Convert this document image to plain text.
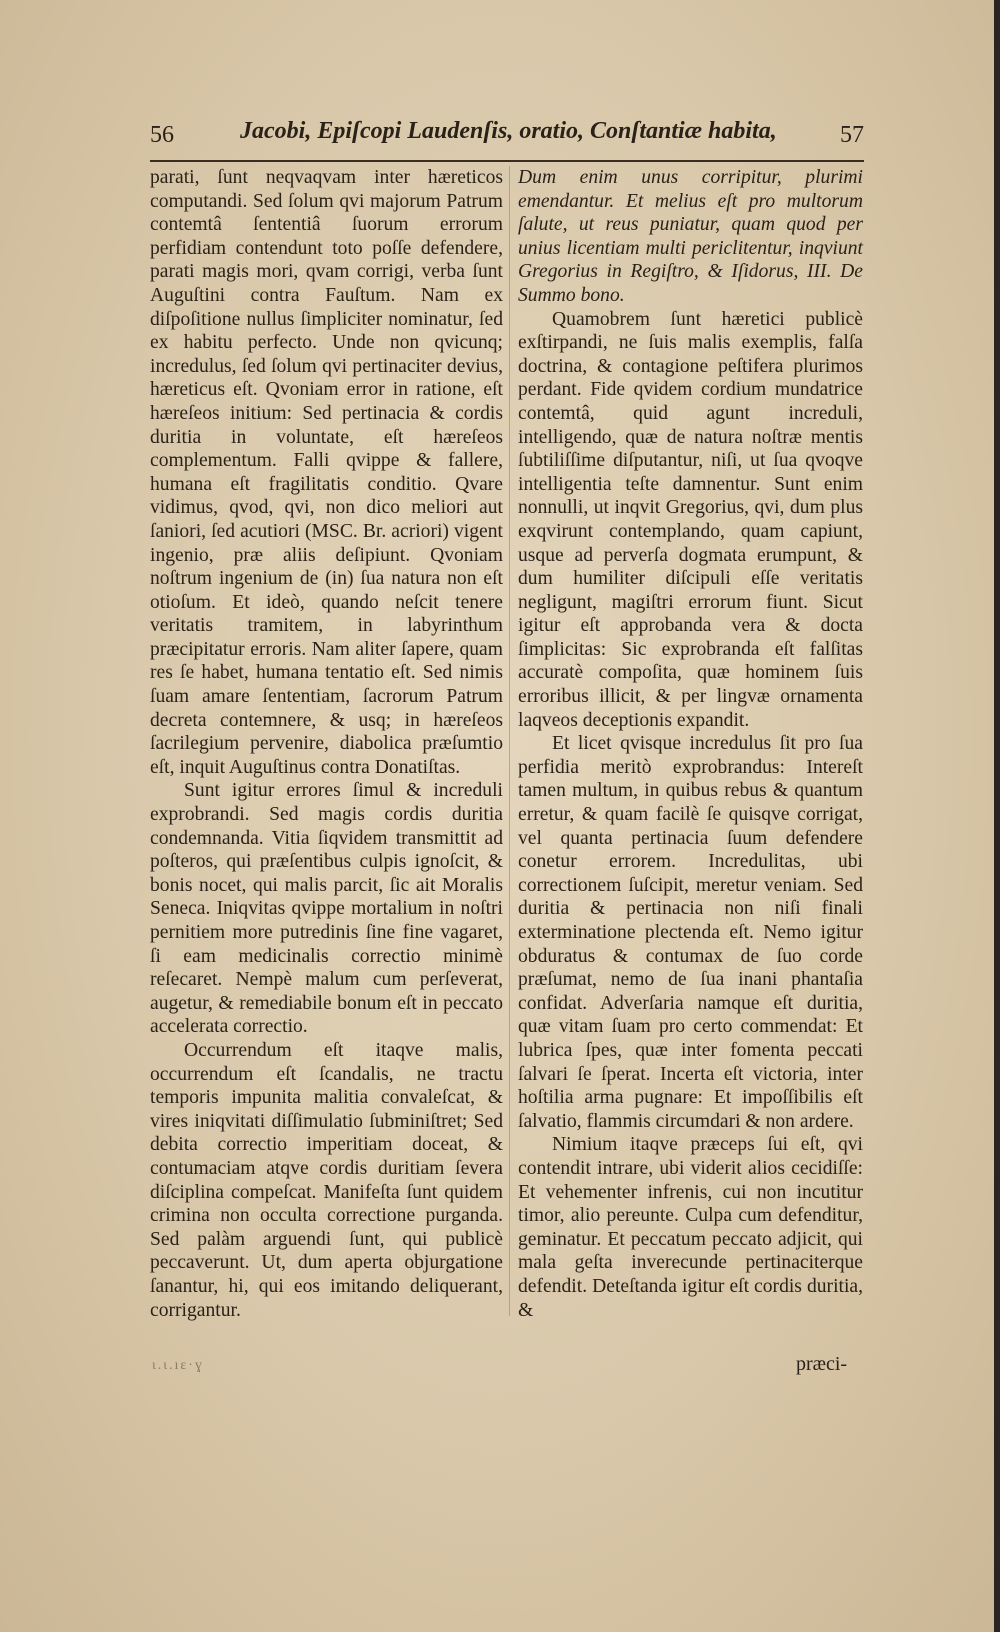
56	Jacobi, Epiſcopi Laudenſis, oratio, Conſtantiæ habita,	57

parati, ſunt neqvaqvam inter hæreticos computandi. Sed ſolum qvi majorum Patrum contemtâ ſententiâ ſuorum errorum perfidiam contendunt toto poſſe defendere, parati magis mori, qvam corrigi, verba ſunt Auguſtini contra Fauſtum. Nam ex diſpoſitione nullus ſimpliciter nominatur, ſed ex habitu perfecto. Unde non qvicunq; incredulus, ſed ſolum qvi pertinaciter devius, hæreticus eſt. Qvoniam error in ratione, eſt hæreſeos initium: Sed pertinacia & cordis duritia in voluntate, eſt hæreſeos complementum. Falli qvippe & fallere, humana eſt fragilitatis conditio. Qvare vidimus, qvod, qvi, non dico meliori aut ſaniori, ſed acutiori (MSC. Br. acriori) vigent ingenio, præ aliis deſipiunt. Qvoniam noſtrum ingenium de (in) ſua natura non eſt otioſum. Et ideò, quando neſcit tenere veritatis tramitem, in labyrinthum præcipitatur erroris. Nam aliter ſapere, quam res ſe habet, humana tentatio eſt. Sed nimis ſuam amare ſententiam, ſacrorum Patrum decreta contemnere, & usq; in hæreſeos ſacrilegium pervenire, diabolica præſumtio eſt, inquit Auguſtinus contra Donatiſtas.

Sunt igitur errores ſimul & increduli exprobrandi. Sed magis cordis duritia condemnanda. Vitia ſiqvidem transmittit ad poſteros, qui præſentibus culpis ignoſcit, & bonis nocet, qui malis parcit, ſic ait Moralis Seneca. Iniqvitas qvippe mortalium in noſtri pernitiem more putredinis ſine fine vagaret, ſi eam medicinalis correctio minimè reſecaret. Nempè malum cum perſeverat, augetur, & remediabile bonum eſt in peccato accelerata correctio.

Occurrendum eſt itaqve malis, occurrendum eſt ſcandalis, ne tractu temporis impunita malitia convaleſcat, & vires iniqvitati diſſimulatio ſubminiſtret; Sed debita correctio imperitiam doceat, & contumaciam atqve cordis duritiam ſevera diſciplina compeſcat. Manifeſta ſunt quidem crimina non occulta correctione purganda. Sed palàm arguendi ſunt, qui publicè peccaverunt. Ut, dum aperta objurgatione ſanantur, hi, qui eos imitando deliquerant, corrigantur.

Dum enim unus corripitur, plurimi emendantur. Et melius eſt pro multorum ſalute, ut reus puniatur, quam quod per unius licentiam multi periclitentur, inqviunt Gregorius in Regiſtro, & Iſidorus, III. De Summo bono.

Quamobrem ſunt hæretici publicè exſtirpandi, ne ſuis malis exemplis, falſa doctrina, & contagione peſtifera plurimos perdant. Fide qvidem cordium mundatrice contemtâ, quid agunt increduli, intelligendo, quæ de natura noſtræ mentis ſubtiliſſime diſputantur, niſi, ut ſua qvoqve intelligentia teſte damnentur. Sunt enim nonnulli, ut inqvit Gregorius, qvi, dum plus exqvirunt contemplando, quam capiunt, usque ad perverſa dogmata erumpunt, & dum humiliter diſcipuli eſſe veritatis negligunt, magiſtri errorum fiunt. Sicut igitur eſt approbanda vera & docta ſimplicitas: Sic exprobranda eſt falſitas accuratè compoſita, quæ hominem ſuis erroribus illicit, & per lingvæ ornamenta laqveos deceptionis expandit.

Et licet qvisque incredulus ſit pro ſua perfidia meritò exprobrandus: Intereſt tamen multum, in quibus rebus & quantum erretur, & quam facilè ſe quisqve corrigat, vel quanta pertinacia ſuum defendere conetur errorem. Incredulitas, ubi correctionem ſuſcipit, meretur veniam. Sed duritia & pertinacia non niſi finali exterminatione plectenda eſt. Nemo igitur obduratus & contumax de ſuo corde præſumat, nemo de ſua inani phantaſia confidat. Adverſaria namque eſt duritia, quæ vitam ſuam pro certo commendat: Et lubrica ſpes, quæ inter fomenta peccati ſalvari ſe ſperat. Incerta eſt victoria, inter hoſtilia arma pugnare: Et impoſſibilis eſt ſalvatio, flammis circumdari & non ardere.

Nimium itaqve præceps ſui eſt, qvi contendit intrare, ubi viderit alios cecidiſſe: Et vehementer infrenis, cui non incutitur timor, alio pereunte. Culpa cum defenditur, geminatur. Et peccatum peccato adjicit, qui mala geſta inverecunde pertinaciterque defendit. Deteſtanda igitur eſt cordis duritia, &

ι.ι.ıɛ·ɣ	præci-
